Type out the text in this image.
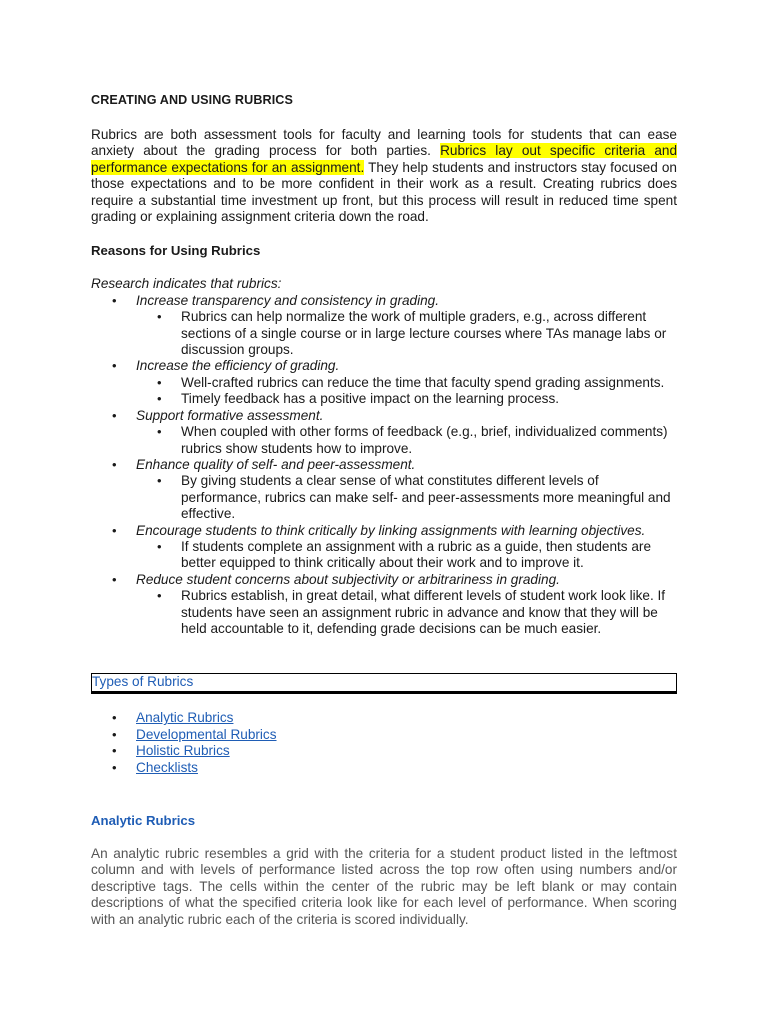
CREATING AND USING RUBRICS

Rubrics are both assessment tools for faculty and learning tools for students that can ease anxiety about the grading process for both parties. Rubrics lay out specific criteria and performance expectations for an assignment. They help students and instructors stay focused on those expectations and to be more confident in their work as a result. Creating rubrics does require a substantial time investment up front, but this process will result in reduced time spent grading or explaining assignment criteria down the road.

Reasons for Using Rubrics

Research indicates that rubrics:

• Increase transparency and consistency in grading.
• Rubrics can help normalize the work of multiple graders, e.g., across different sections of a single course or in large lecture courses where TAs manage labs or discussion groups.
• Increase the efficiency of grading.
• Well-crafted rubrics can reduce the time that faculty spend grading assignments.
• Timely feedback has a positive impact on the learning process.
• Support formative assessment.
• When coupled with other forms of feedback (e.g., brief, individualized comments) rubrics show students how to improve.
• Enhance quality of self- and peer-assessment.
• By giving students a clear sense of what constitutes different levels of performance, rubrics can make self- and peer-assessments more meaningful and effective.
• Encourage students to think critically by linking assignments with learning objectives.
• If students complete an assignment with a rubric as a guide, then students are better equipped to think critically about their work and to improve it.
• Reduce student concerns about subjectivity or arbitrariness in grading.
• Rubrics establish, in great detail, what different levels of student work look like. If students have seen an assignment rubric in advance and know that they will be held accountable to it, defending grade decisions can be much easier.
Types of Rubrics
• Analytic Rubrics
• Developmental Rubrics
• Holistic Rubrics
• Checklists
Analytic Rubrics

An analytic rubric resembles a grid with the criteria for a student product listed in the leftmost column and with levels of performance listed across the top row often using numbers and/or descriptive tags. The cells within the center of the rubric may be left blank or may contain descriptions of what the specified criteria look like for each level of performance. When scoring with an analytic rubric each of the criteria is scored individually.
